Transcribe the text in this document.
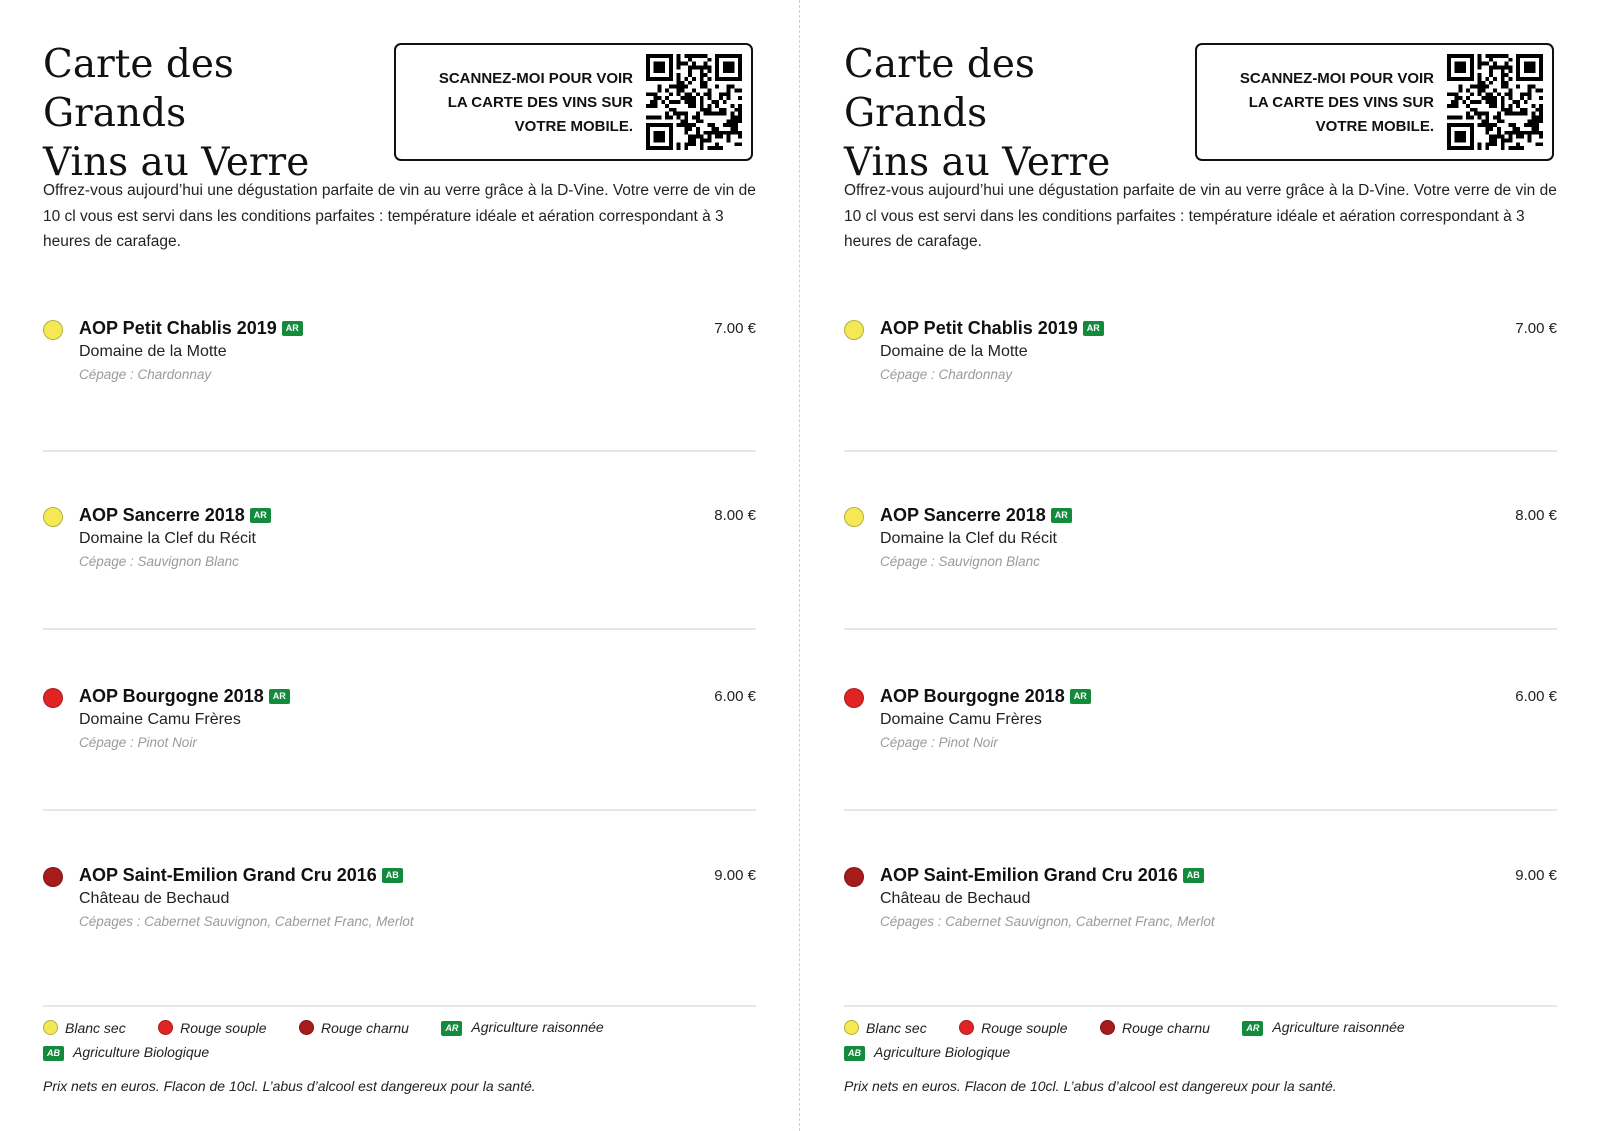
Carte des Grands
Vins au Verre
SCANNEZ-MOI POUR VOIR
LA CARTE DES VINS SUR
VOTRE MOBILE.

Offrez-vous aujourd’hui une dégustation parfaite de vin au verre grâce à la D-Vine. Votre verre de vin de 10 cl vous est servi dans les conditions parfaites : température idéale et aération correspondant à 3 heures de carafage.

AOP Petit Chablis 2019 AR
Domaine de la Motte
Cépage : Chardonnay
7.00 €
AOP Sancerre 2018 AR
Domaine la Clef du Récit
Cépage : Sauvignon Blanc
8.00 €
AOP Bourgogne 2018 AR
Domaine Camu Frères
Cépage : Pinot Noir
6.00 €
AOP Saint-Emilion Grand Cru 2016 AB
Château de Bechaud
Cépages : Cabernet Sauvignon, Cabernet Franc, Merlot
9.00 €
Blanc sec	Rouge souple	Rouge charnu	AR Agriculture raisonnée
AB Agriculture Biologique
Prix nets en euros. Flacon de 10cl. L’abus d’alcool est dangereux pour la santé.
Carte des Grands
Vins au Verre
SCANNEZ-MOI POUR VOIR
LA CARTE DES VINS SUR
VOTRE MOBILE.

Offrez-vous aujourd’hui une dégustation parfaite de vin au verre grâce à la D-Vine. Votre verre de vin de 10 cl vous est servi dans les conditions parfaites : température idéale et aération correspondant à 3 heures de carafage.

AOP Petit Chablis 2019 AR
Domaine de la Motte
Cépage : Chardonnay
7.00 €
AOP Sancerre 2018 AR
Domaine la Clef du Récit
Cépage : Sauvignon Blanc
8.00 €
AOP Bourgogne 2018 AR
Domaine Camu Frères
Cépage : Pinot Noir
6.00 €
AOP Saint-Emilion Grand Cru 2016 AB
Château de Bechaud
Cépages : Cabernet Sauvignon, Cabernet Franc, Merlot
9.00 €
Blanc sec	Rouge souple	Rouge charnu	AR Agriculture raisonnée
AB Agriculture Biologique
Prix nets en euros. Flacon de 10cl. L’abus d’alcool est dangereux pour la santé.
